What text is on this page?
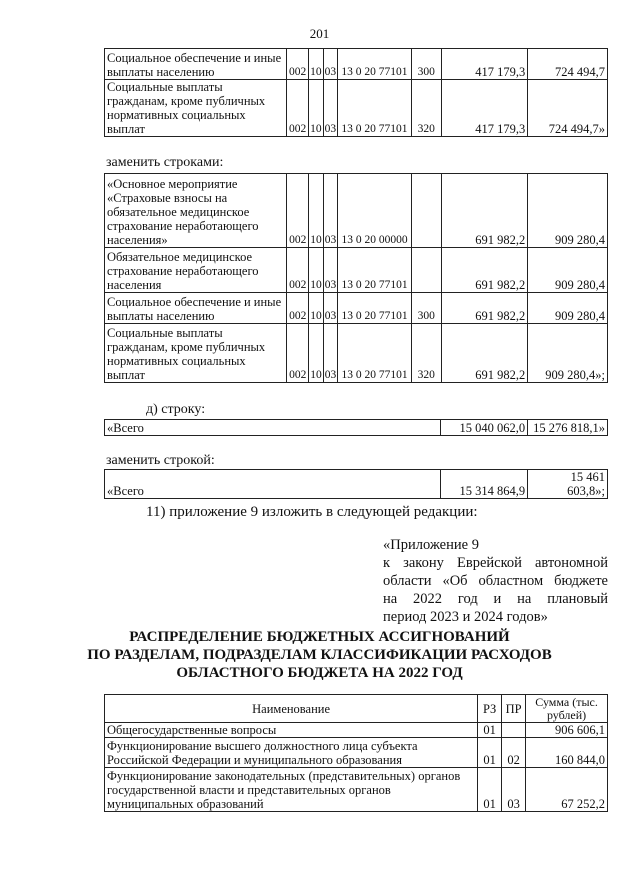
201
Социальное обеспечение и иные выплаты населению	002	10	03	13 0 20 77101	300	417 179,3	724 494,7
Социальные выплаты гражданам, кроме публичных нормативных социальных выплат	002	10	03	13 0 20 77101	320	417 179,3	724 494,7»
заменить строками:
«Основное мероприятие «Страховые взносы на обязательное медицинское страхование неработающего населения»	002	10	03	13 0 20 00000		691 982,2	909 280,4
Обязательное медицинское страхование неработающего населения	002	10	03	13 0 20 77101		691 982,2	909 280,4
Социальное обеспечение и иные выплаты населению	002	10	03	13 0 20 77101	300	691 982,2	909 280,4
Социальные выплаты гражданам, кроме публичных нормативных социальных выплат	002	10	03	13 0 20 77101	320	691 982,2	909 280,4»;
д) строку:
«Всего	15 040 062,0	15 276 818,1»
заменить строкой:
«Всего	15 314 864,9	15 461 603,8»;
11) приложение 9 изложить в следующей редакции:
«Приложение 9
к закону Еврейской автономной
области «Об областном бюджете
на 2022 год и на плановый
период 2023 и 2024 годов»
РАСПРЕДЕЛЕНИЕ БЮДЖЕТНЫХ АССИГНОВАНИЙ
ПО РАЗДЕЛАМ, ПОДРАЗДЕЛАМ КЛАССИФИКАЦИИ РАСХОДОВ
ОБЛАСТНОГО БЮДЖЕТА НА 2022 ГОД
Наименование	РЗ	ПР	Сумма (тыс. рублей)
Общегосударственные вопросы	01		906 606,1
Функционирование высшего должностного лица субъекта Российской Федерации и муниципального образования	01	02	160 844,0
Функционирование законодательных (представительных) органов государственной власти и представительных органов муниципальных образований	01	03	67 252,2
